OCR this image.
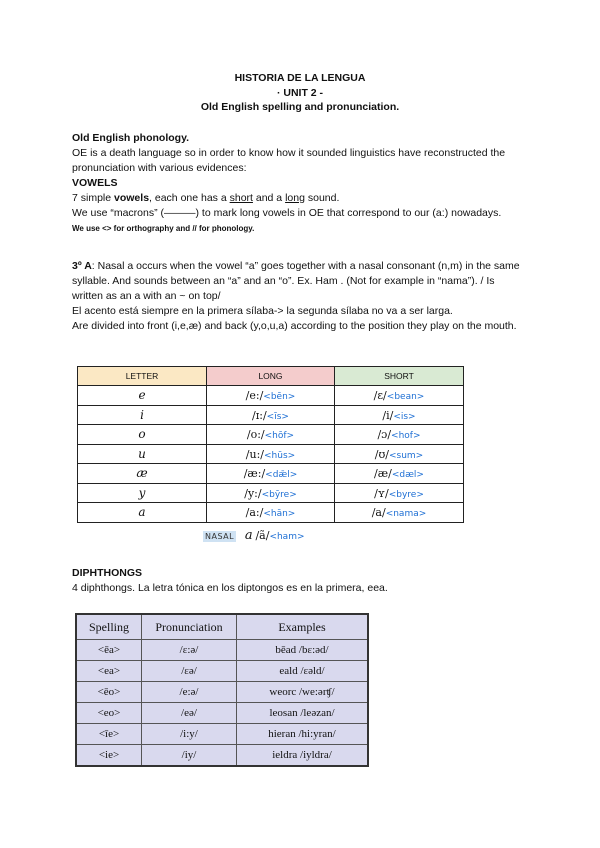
HISTORIA DE LA LENGUA
· UNIT 2 -
Old English spelling and pronunciation.
Old English phonology.
OE is a death language so in order to know how it sounded linguistics have reconstructed the pronunciation with various evidences:
VOWELS
7 simple vowels, each one has a short and a long sound.
We use “macrons” (———) to mark long vowels in OE that correspond to our (a:) nowadays.
We use <> for orthography and // for phonology.
3º A: Nasal a occurs when the vowel “a” goes together with a nasal consonant (n,m) in the same syllable. And sounds between an “a” and an “o”. Ex. Ham . (Not for example in “nama”). / Is written as an a with an ~ on top/
El acento está siempre en la primera sílaba-> la segunda sílaba no va a ser larga.
Are divided into front (i,e,æ) and back (y,o,u,a) according to the position they play on the mouth.
LETTER	LONG	SHORT
e	/e:/<bēn>	/ɛ/<bean>
i	/ɪ:/<īs>	/i/<is>
o	/o:/<hōf>	/ɔ/<hof>
u	/u:/<hūs>	/ʊ/<sum>
æ	/æ:/<dǣl>	/æ/<dæl>
y	/y:/<bȳre>	/ʏ/<byre>
a	/a:/<hān>	/a/<nama>
NASAL a /ã/<ham>
DIPHTHONGS
4 diphthongs. La letra tónica en los diptongos es en la primera, eea.
Spelling	Pronunciation	Examples
<ēa>	/ɛ:ə/	bēad /bɛ:əd/
<ea>	/ɛə/	eald /ɛəld/
<ēo>	/e:ə/	weorc /we:ərʧ/
<eo>	/eə/	leosan /leəzan/
<īe>	/i:y/	hieran /hi:yran/
<ie>	/iy/	ieldra /iyldra/
